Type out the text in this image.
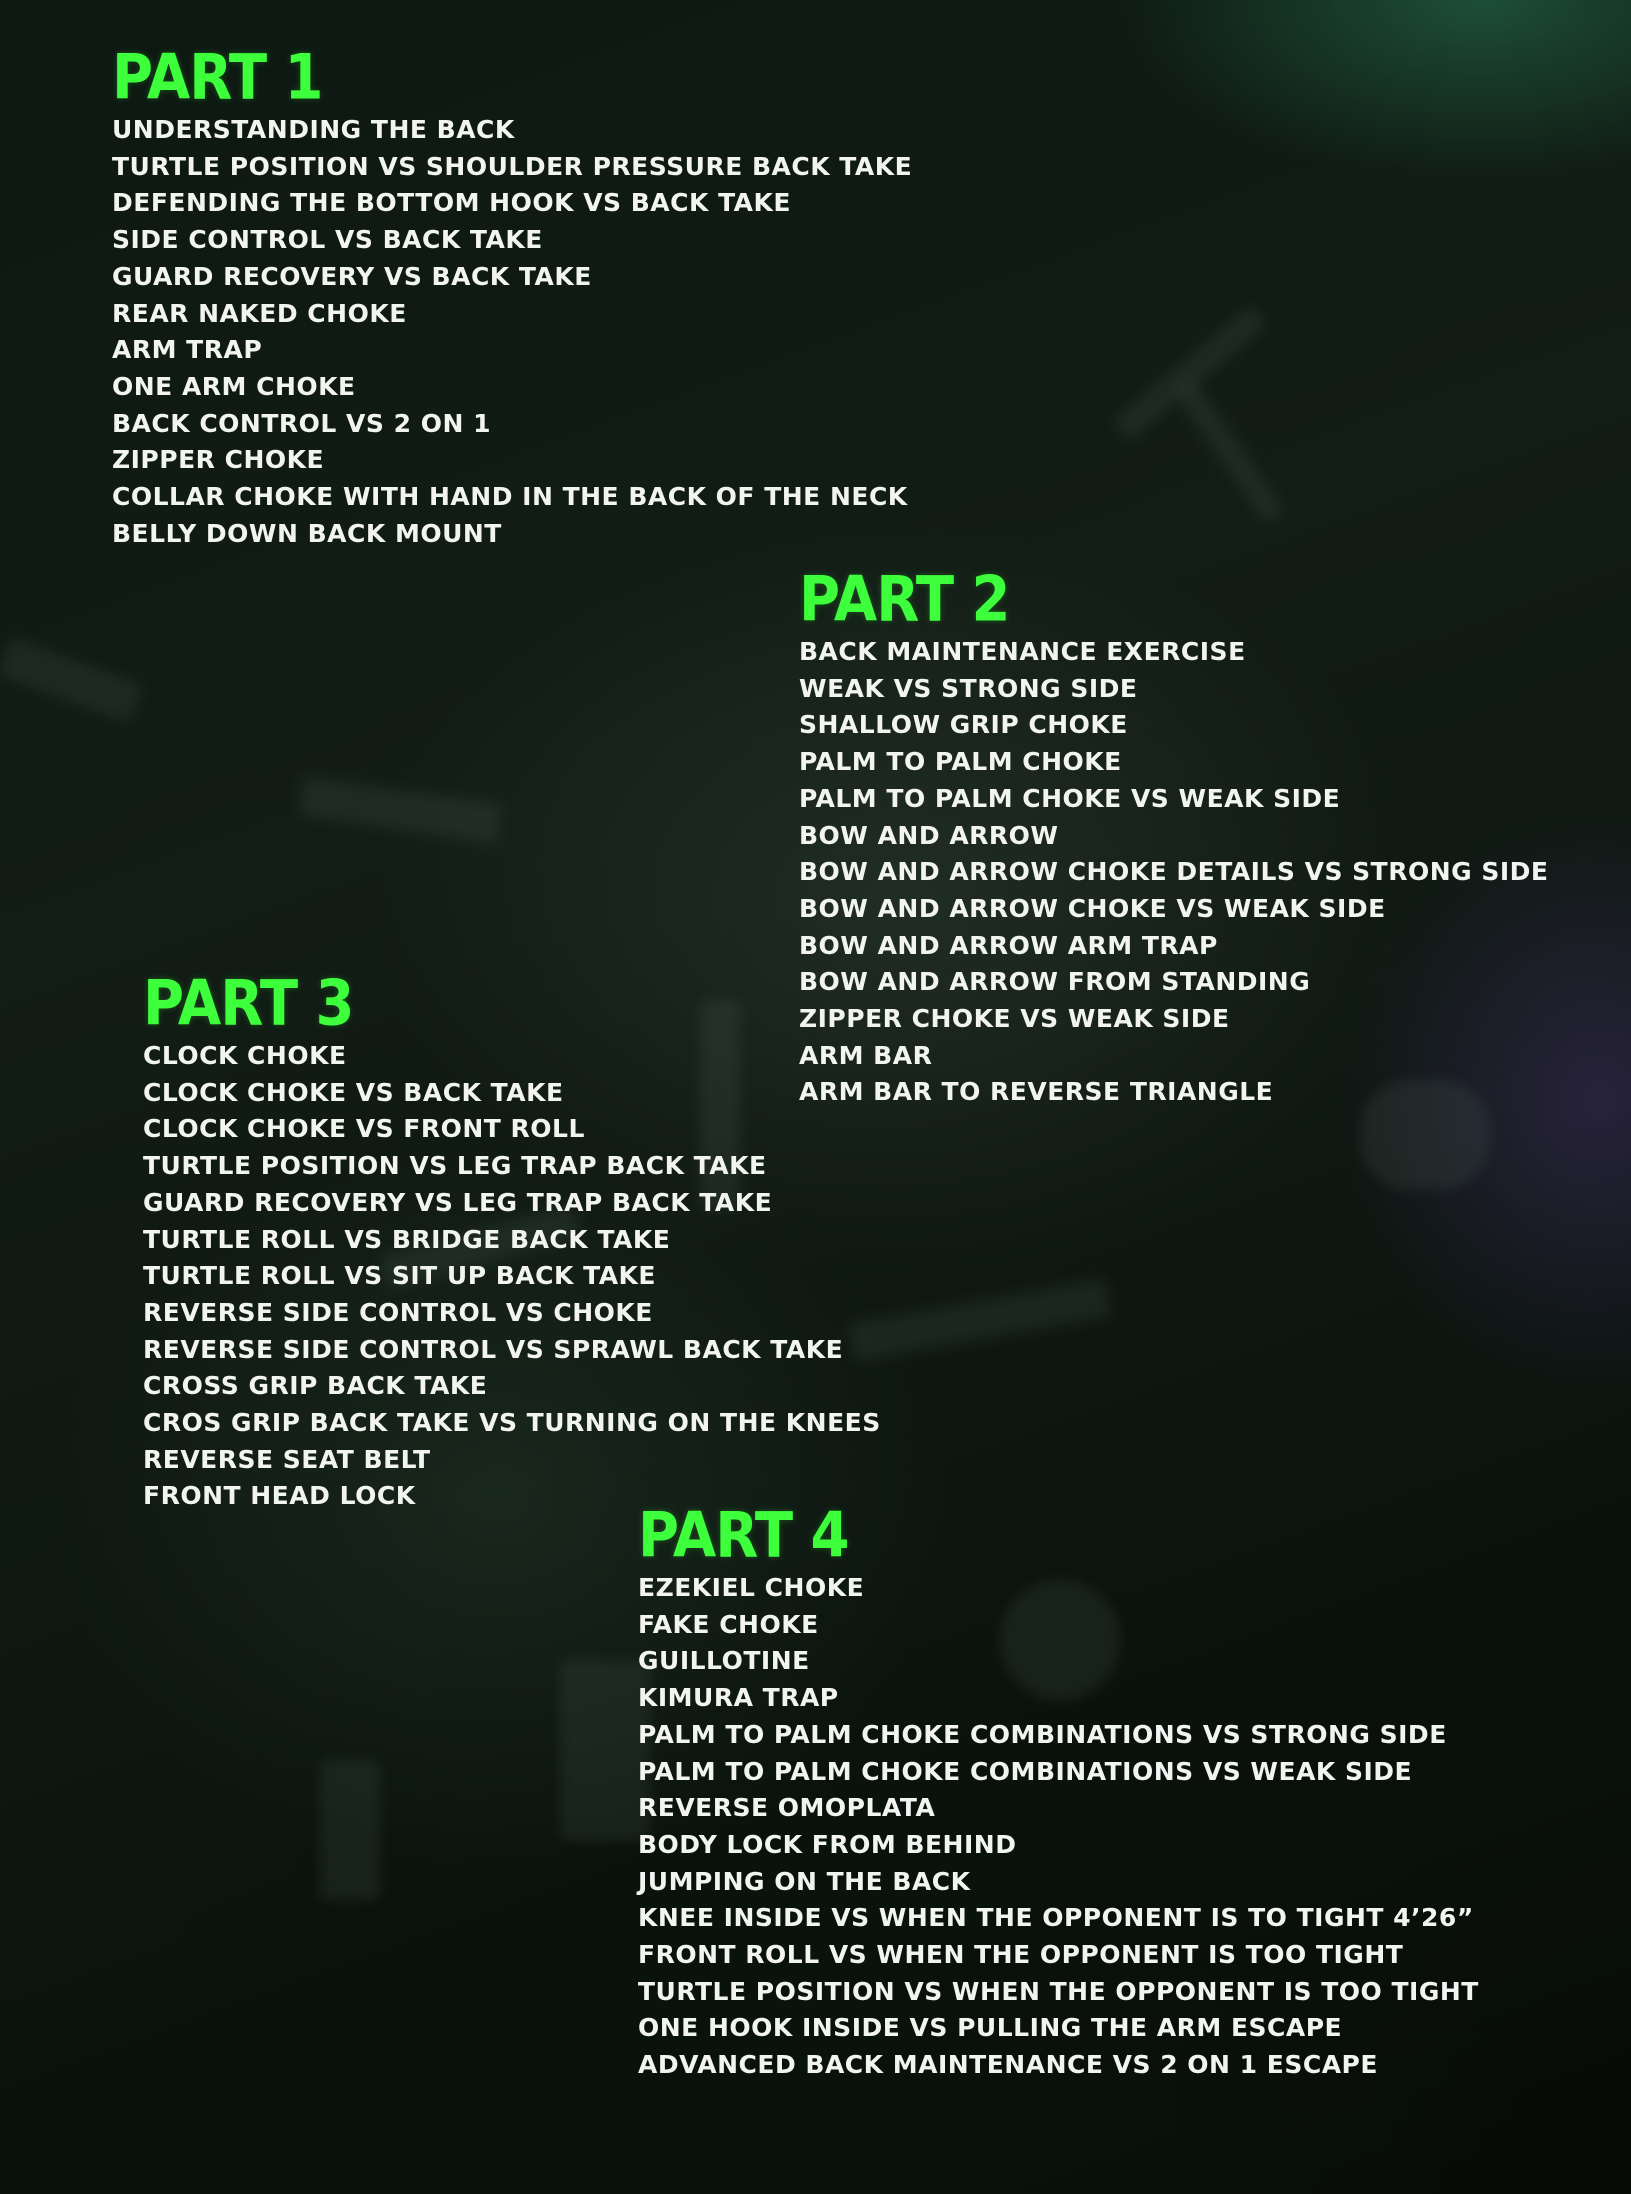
PART 1
UNDERSTANDING THE BACK
TURTLE POSITION VS SHOULDER PRESSURE BACK TAKE
DEFENDING THE BOTTOM HOOK VS BACK TAKE
SIDE CONTROL VS BACK TAKE
GUARD RECOVERY VS BACK TAKE
REAR NAKED CHOKE
ARM TRAP
ONE ARM CHOKE
BACK CONTROL VS 2 ON 1
ZIPPER CHOKE
COLLAR CHOKE WITH HAND IN THE BACK OF THE NECK
BELLY DOWN BACK MOUNT
PART 2
BACK MAINTENANCE EXERCISE
WEAK VS STRONG SIDE
SHALLOW GRIP CHOKE
PALM TO PALM CHOKE
PALM TO PALM CHOKE VS WEAK SIDE
BOW AND ARROW
BOW AND ARROW CHOKE DETAILS VS STRONG SIDE
BOW AND ARROW CHOKE VS WEAK SIDE
BOW AND ARROW ARM TRAP
BOW AND ARROW FROM STANDING
ZIPPER CHOKE VS WEAK SIDE
ARM BAR
ARM BAR TO REVERSE TRIANGLE
PART 3
CLOCK CHOKE
CLOCK CHOKE VS BACK TAKE
CLOCK CHOKE VS FRONT ROLL
TURTLE POSITION VS LEG TRAP BACK TAKE
GUARD RECOVERY VS LEG TRAP BACK TAKE
TURTLE ROLL VS BRIDGE BACK TAKE
TURTLE ROLL VS SIT UP BACK TAKE
REVERSE SIDE CONTROL VS CHOKE
REVERSE SIDE CONTROL VS SPRAWL BACK TAKE
CROSS GRIP BACK TAKE
CROS GRIP BACK TAKE VS TURNING ON THE KNEES
REVERSE SEAT BELT
FRONT HEAD LOCK
PART 4
EZEKIEL CHOKE
FAKE CHOKE
GUILLOTINE
KIMURA TRAP
PALM TO PALM CHOKE COMBINATIONS VS STRONG SIDE
PALM TO PALM CHOKE COMBINATIONS VS WEAK SIDE
REVERSE OMOPLATA
BODY LOCK FROM BEHIND
JUMPING ON THE BACK
KNEE INSIDE VS WHEN THE OPPONENT IS TO TIGHT 4’26”
FRONT ROLL VS WHEN THE OPPONENT IS TOO TIGHT
TURTLE POSITION VS WHEN THE OPPONENT IS TOO TIGHT
ONE HOOK INSIDE VS PULLING THE ARM ESCAPE
ADVANCED BACK MAINTENANCE VS 2 ON 1 ESCAPE
